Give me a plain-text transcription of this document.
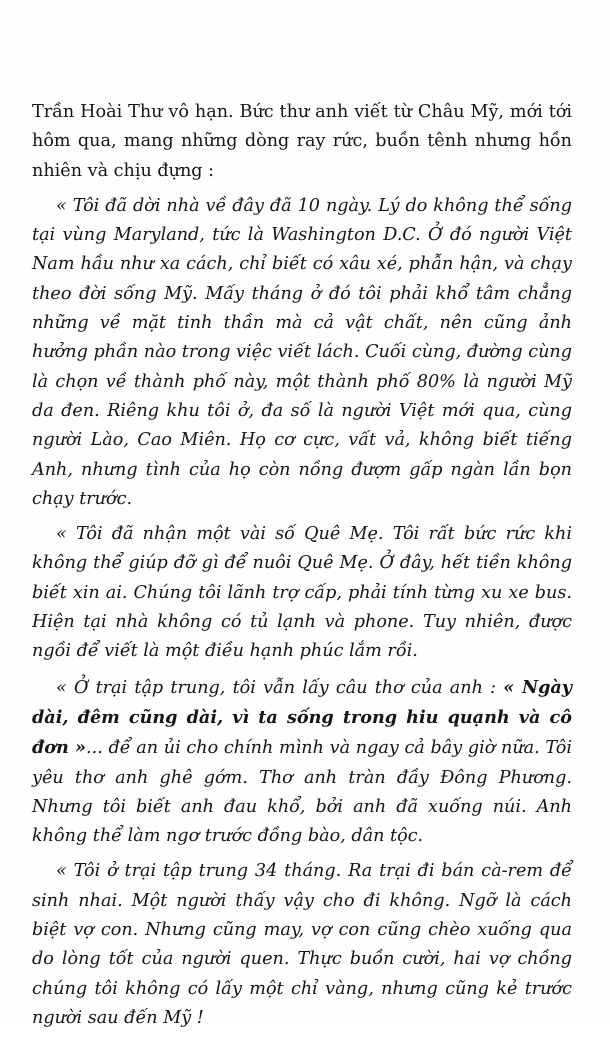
Trần Hoài Thư vô hạn. Bức thư anh viết từ Châu Mỹ, mới tới hôm qua, mang những dòng ray rức, buồn tênh nhưng hồn nhiên và chịu đựng :

« Tôi đã dời nhà về đây đã 10 ngày. Lý do không thể sống tại vùng Maryland, tức là Washington D.C. Ở đó người Việt Nam hầu như xa cách, chỉ biết có xâu xé, phẫn hận, và chạy theo đời sống Mỹ. Mấy tháng ở đó tôi phải khổ tâm chẳng những về mặt tinh thần mà cả vật chất, nên cũng ảnh hưởng phần nào trong việc viết lách. Cuối cùng, đường cùng là chọn về thành phố này, một thành phố 80% là người Mỹ da đen. Riêng khu tôi ở, đa số là người Việt mới qua, cùng người Lào, Cao Miên. Họ cơ cực, vất vả, không biết tiếng Anh, nhưng tình của họ còn nồng đượm gấp ngàn lần bọn chạy trước.

« Tôi đã nhận một vài số Quê Mẹ. Tôi rất bức rức khi không thể giúp đỡ gì để nuôi Quê Mẹ. Ở đây, hết tiền không biết xin ai. Chúng tôi lãnh trợ cấp, phải tính từng xu xe bus. Hiện tại nhà không có tủ lạnh và phone. Tuy nhiên, được ngồi để viết là một điều hạnh phúc lắm rồi.

« Ở trại tập trung, tôi vẫn lấy câu thơ của anh : « Ngày dài, đêm cũng dài, vì ta sống trong hiu quạnh và cô đơn »... để an ủi cho chính mình và ngay cả bây giờ nữa. Tôi yêu thơ anh ghê gớm. Thơ anh tràn đầy Đông Phương. Nhưng tôi biết anh đau khổ, bởi anh đã xuống núi. Anh không thể làm ngơ trước đồng bào, dân tộc.

« Tôi ở trại tập trung 34 tháng. Ra trại đi bán cà-rem để sinh nhai. Một người thấy vậy cho đi không. Ngỡ là cách biệt vợ con. Nhưng cũng may, vợ con cũng chèo xuống qua do lòng tốt của người quen. Thực buồn cười, hai vợ chồng chúng tôi không có lấy một chỉ vàng, nhưng cũng kẻ trước người sau đến Mỹ !
